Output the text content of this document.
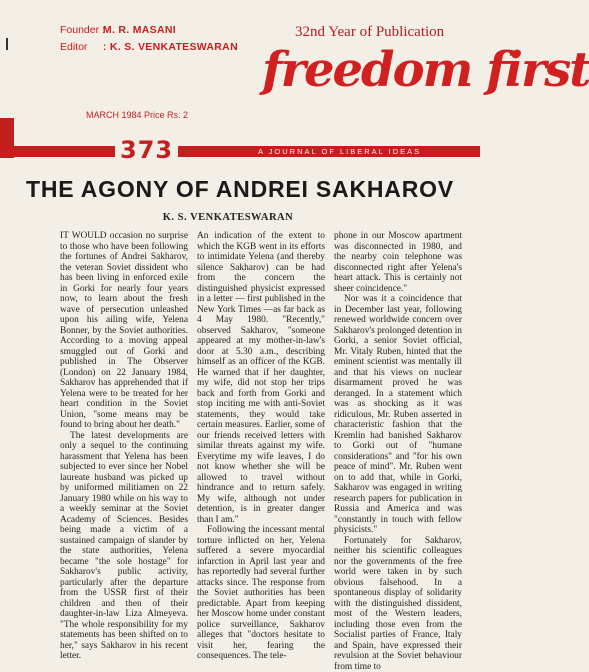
Founder : M. R. MASANI
Editor : K. S. VENKATESWARAN
32nd Year of Publication
freedom first
MARCH 1984 Price Rs. 2
373	A JOURNAL OF LIBERAL IDEAS
THE AGONY OF ANDREI SAKHAROV
K. S. VENKATESWARAN

IT WOULD occasion no surprise to those who have been following the fortunes of Andrei Sakharov, the veteran Soviet dissident who has been living in enforced exile in Gorki for nearly four years now, to learn about the fresh wave of persecution unleashed upon his ailing wife, Yelena Bonner, by the Soviet authorities. According to a moving appeal smuggled out of Gorki and published in The Observer (London) on 22 January 1984, Sakharov has apprehended that if Yelena were to be treated for her heart condition in the Soviet Union, "some means may be found to bring about her death."

The latest developments are only a sequel to the continuing harassment that Yelena has been subjected to ever since her Nobel laureate husband was picked up by uniformed militiamen on 22 January 1980 while on his way to a weekly seminar at the Soviet Academy of Sciences. Besides being made a victim of a sustained campaign of slander by the state authorities, Yelena became "the sole hostage" for Sakharov's public activity, particularly after the departure from the USSR first of their children and then of their daughter-in-law Liza Almeyeva. "The whole responsibility for my statements has been shifted on to her," says Sakharov in his recent letter.

An indication of the extent to which the KGB went in its efforts to intimidate Yelena (and thereby silence Sakharov) can be had from the concern the distinguished physicist expressed in a letter — first published in the New York Times —as far back as 4 May 1980. "Recently," observed Sakharov, "someone appeared at my mother-in-law's door at 5.30 a.m., describing himself as an officer of the KGB. He warned that if her daughter, my wife, did not stop her trips back and forth from Gorki and stop inciting me with anti-Soviet statements, they would take certain measures. Earlier, some of our friends received letters with similar threats against my wife. Everytime my wife leaves, I do not know whether she will be allowed to travel without hindrance and to return safely. My wife, although not under detention, is in greater danger than I am."

Following the incessant mental torture inflicted on her, Yelena suffered a severe myocardial infarction in April last year and has reportedly had several further attacks since. The response from the Soviet authorities has been predictable. Apart from keeping her Moscow home under constant police surveillance, Sakharov alleges that "doctors hesitate to visit her, fearing the consequences. The tele-

phone in our Moscow apartment was disconnected in 1980, and the nearby coin telephone was disconnected right after Yelena's heart attack. This is certainly not sheer coincidence."

Nor was it a coincidence that in December last year, following renewed worldwide concern over Sakharov's prolonged detention in Gorki, a senior Soviet official, Mr. Vitaly Ruben, hinted that the eminent scientist was mentally ill and that his views on nuclear disarmament proved he was deranged. In a statement which was as shocking as it was ridiculous, Mr. Ruben asserted in characteristic fashion that the Kremlin had banished Sakharov to Gorki out of "humane considerations" and "for his own peace of mind". Mr. Ruben went on to add that, while in Gorki, Sakharov was engaged in writing research papers for publication in Russia and America and was "constantly in touch with fellow physicists."

Fortunately for Sakharov, neither his scientific colleagues nor the governments of the free world were taken in by such obvious falsehood. In a spontaneous display of solidarity with the distinguished dissident, most of the Western leaders, including those even from the Socialist parties of France, Italy and Spain, have expressed their revulsion at the Soviet behaviour from time to
